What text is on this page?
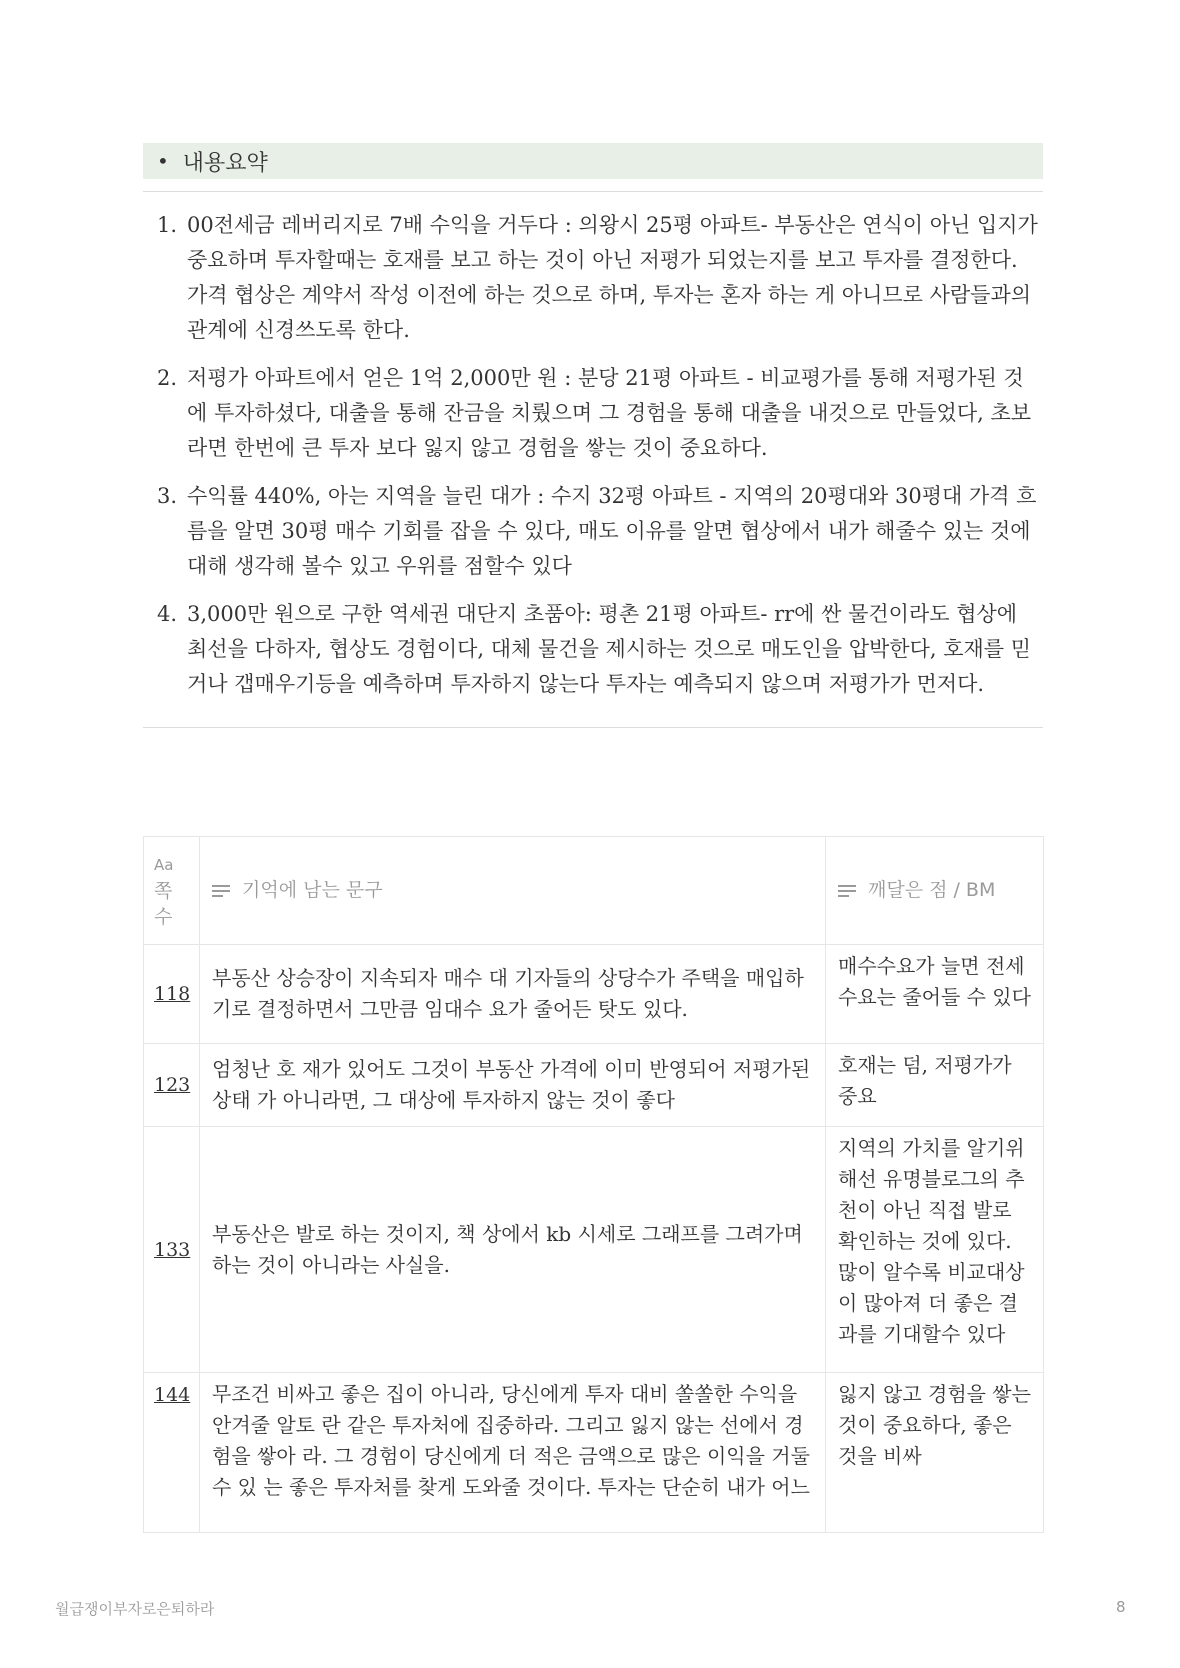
• 내용요약
00전세금 레버리지로 7배 수익을 거두다 : 의왕시 25평 아파트- 부동산은 연식이 아닌 입지가 중요하며 투자할때는 호재를 보고 하는 것이 아닌 저평가 되었는지를 보고 투자를 결정한다. 가격 협상은 계약서 작성 이전에 하는 것으로 하며, 투자는 혼자 하는 게 아니므로 사람들과의 관계에 신경쓰도록 한다.
저평가 아파트에서 얻은 1억 2,000만 원 : 분당 21평 아파트 - 비교평가를 통해 저평가된 것에 투자하셨다, 대출을 통해 잔금을 치뤘으며 그 경험을 통해 대출을 내것으로 만들었다, 초보라면 한번에 큰 투자 보다 잃지 않고 경험을 쌓는 것이 중요하다.
수익률 440%, 아는 지역을 늘린 대가 : 수지 32평 아파트 - 지역의 20평대와 30평대 가격 흐름을 알면 30평 매수 기회를 잡을 수 있다, 매도 이유를 알면 협상에서 내가 해줄수 있는 것에 대해 생각해 볼수 있고 우위를 점할수 있다
3,000만 원으로 구한 역세권 대단지 초품아: 평촌 21평 아파트- rr에 싼 물건이라도 협상에 최선을 다하자, 협상도 경험이다, 대체 물건을 제시하는 것으로 매도인을 압박한다, 호재를 믿거나 갭매우기등을 예측하며 투자하지 않는다 투자는 예측되지 않으며 저평가가 먼저다.
Aa
쪽수	기억에 남는 문구	깨달은 점 / BM
118	부동산 상승장이 지속되자 매수 대 기자들의 상당수가 주택을 매입하기로 결정하면서 그만큼 임대수 요가 줄어든 탓도 있다.	매수수요가 늘면 전세 수요는 줄어들 수 있다
123	엄청난 호 재가 있어도 그것이 부동산 가격에 이미 반영되어 저평가된 상태 가 아니라면, 그 대상에 투자하지 않는 것이 좋다	호재는 덤, 저평가가 중요
133	부동산은 발로 하는 것이지, 책 상에서 kb 시세로 그래프를 그려가며 하는 것이 아니라는 사실을.	지역의 가치를 알기위해선 유명블로그의 추천이 아닌 직접 발로 확인하는 것에 있다. 많이 알수록 비교대상이 많아져 더 좋은 결과를 기대할수 있다
144	무조건 비싸고 좋은 집이 아니라, 당신에게 투자 대비 쏠쏠한 수익을 안겨줄 알토 란 같은 투자처에 집중하라. 그리고 잃지 않는 선에서 경험을 쌓아 라. 그 경험이 당신에게 더 적은 금액으로 많은 이익을 거둘 수 있 는 좋은 투자처를 찾게 도와줄 것이다. 투자는 단순히 내가 어느	잃지 않고 경험을 쌓는 것이 중요하다, 좋은 것을 비싸
월급쟁이부자로은퇴하라	8
